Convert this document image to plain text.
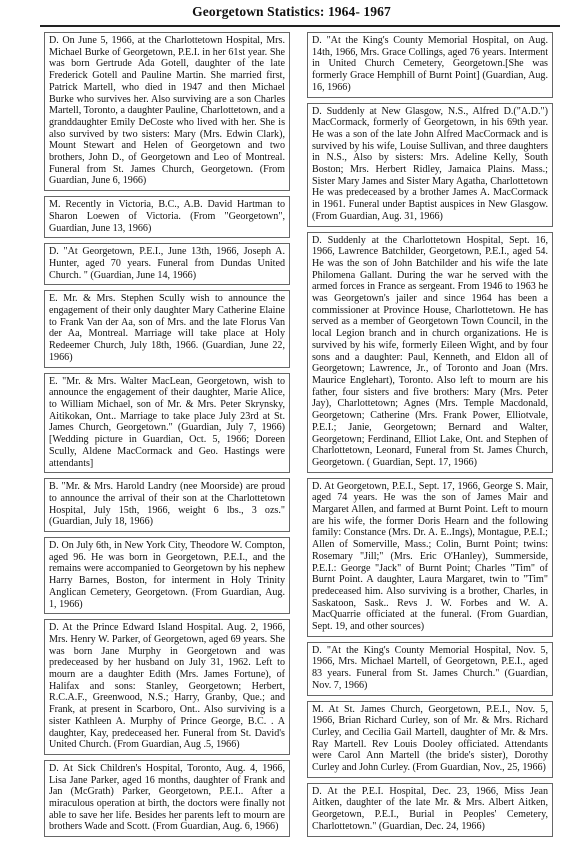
Georgetown Statistics: 1964- 1967

D. On June 5, 1966, at the Charlottetown Hospital, Mrs. Michael Burke of Georgetown, P.E.I. in her 61st year. She was born Gertrude Ada Gotell, daughter of the late Frederick Gotell and Pauline Martin. She married first, Patrick Martell, who died in 1947 and then Michael Burke who survives her. Also surviving are a son Charles Martell, Toronto, a daughter Pauline, Charlottetown, and a granddaughter Emily DeCoste who lived with her. She is also survived by two sisters: Mary (Mrs. Edwin Clark), Mount Stewart and Helen of Georgetown and two brothers, John D., of Georgetown and Leo of Montreal. Funeral from St. James Church, Georgetown. (From Guardian, June 6, 1966)

M. Recently in Victoria, B.C., A.B. David Hartman to Sharon Loewen of Victoria. (From "Georgetown", Guardian, June 13, 1966)

D. "At Georgetown, P.E.I., June 13th, 1966, Joseph A. Hunter, aged 70 years. Funeral from Dundas United Church. " (Guardian, June 14, 1966)

E. Mr. & Mrs. Stephen Scully wish to announce the engagement of their only daughter Mary Catherine Elaine to Frank Van der Aa, son of Mrs. and the late Florus Van der Aa, Montreal. Marriage will take place at Holy Redeemer Church, July 18th, 1966. (Guardian, June 22, 1966)

E. "Mr. & Mrs. Walter MacLean, Georgetown, wish to announce the engagement of their daughter, Marie Alice, to William Michael, son of Mr. & Mrs. Peter Skrynsky, Aitikokan, Ont.. Marriage to take place July 23rd at St. James Church, Georgetown." (Guardian, July 7, 1966) [Wedding picture in Guardian, Oct. 5, 1966; Doreen Scully, Aldene MacCormack and Geo. Hastings were attendants]

B. "Mr. & Mrs. Harold Landry (nee Moorside) are proud to announce the arrival of their son at the Charlottetown Hospital, July 15th, 1966, weight 6 lbs., 3 ozs." (Guardian, July 18, 1966)

D. On July 6th, in New York City, Theodore W. Compton, aged 96. He was born in Georgetown, P.E.I., and the remains were accompanied to Georgetown by his nephew Harry Barnes, Boston, for interment in Holy Trinity Anglican Cemetery, Georgetown. (From Guardian, Aug. 1, 1966)

D. At the Prince Edward Island Hospital. Aug. 2, 1966, Mrs. Henry W. Parker, of Georgetown, aged 69 years. She was born Jane Murphy in Georgetown and was predeceased by her husband on July 31, 1962. Left to mourn are a daughter Edith (Mrs. James Fortune), of Halifax and sons: Stanley, Georgetown; Herbert, R.C.A.F., Greenwood, N.S.; Harry, Granby, Que.; and Frank, at present in Scarboro, Ont.. Also surviving is a sister Kathleen A. Murphy of Prince George, B.C. . A daughter, Kay, predeceased her. Funeral from St. David's United Church. (From Guardian, Aug .5, 1966)

D. At Sick Children's Hospital, Toronto, Aug. 4, 1966, Lisa Jane Parker, aged 16 months, daughter of Frank and Jan (McGrath) Parker, Georgetown, P.E.I.. After a miraculous operation at birth, the doctors were finally not able to save her life. Besides her parents left to mourn are brothers Wade and Scott. (From Guardian, Aug. 6, 1966)

D. "At the King's County Memorial Hospital, on Aug. 14th, 1966, Mrs. Grace Collings, aged 76 years. Interment in United Church Cemetery, Georgetown.[She was formerly Grace Hemphill of Burnt Point] (Guardian, Aug. 16, 1966)

D. Suddenly at New Glasgow, N.S., Alfred D.("A.D.") MacCormack, formerly of Georgetown, in his 69th year. He was a son of the late John Alfred MacCormack and is survived by his wife, Louise Sullivan, and three daughters in N.S., Also by sisters: Mrs. Adeline Kelly, South Boston; Mrs. Herbert Ridley, Jamaica Plains. Mass.; Sister Mary James and Sister Mary Agatha, Charlottetown He was predeceased by a brother James A. MacCormack in 1961. Funeral under Baptist auspices in New Glasgow. (From Guardian, Aug. 31, 1966)

D. Suddenly at the Charlottetown Hospital, Sept. 16, 1966, Lawrence Batchilder, Georgetown, P.E.I., aged 54. He was the son of John Batchilder and his wife the late Philomena Gallant. During the war he served with the armed forces in France as sergeant. From 1946 to 1963 he was Georgetown's jailer and since 1964 has been a commissioner at Province House, Charlottetown. He has served as a member of Georgetown Town Council, in the local Legion branch and in church organizations. He is survived by his wife, formerly Eileen Wight, and by four sons and a daughter: Paul, Kenneth, and Eldon all of Georgetown; Lawrence, Jr., of Toronto and Joan (Mrs. Maurice Englehart), Toronto. Also left to mourn are his father, four sisters and five brothers: Mary (Mrs. Peter Jay), Charlottetown; Agnes (Mrs. Temple Macdonald, Georgetown; Catherine (Mrs. Frank Power, Elliotvale, P.E.I.; Janie, Georgetown; Bernard and Walter, Georgetown; Ferdinand, Elliot Lake, Ont. and Stephen of Charlottetown, Leonard, Funeral from St. James Church, Georgetown. ( Guardian, Sept. 17, 1966)

D. At Georgetown, P.E.I., Sept. 17, 1966, George S. Mair, aged 74 years. He was the son of James Mair and Margaret Allen, and farmed at Burnt Point. Left to mourn are his wife, the former Doris Hearn and the following family: Constance (Mrs. Dr. A. E..Ings), Montague, P.E.I.; Allen of Somerville, Mass.; Colin, Burnt Point; twins: Rosemary "Jill;" (Mrs. Eric O'Hanley), Summerside, P.E.I.: George "Jack" of Burnt Point; Charles "Tim" of Burnt Point. A daughter, Laura Margaret, twin to "Tim" predeceased him. Also surviving is a brother, Charles, in Saskatoon, Sask.. Revs J. W. Forbes and W. A. MacQuarrie officiated at the funeral. (From Guardian, Sept. 19, and other sources)

D. "At the King's County Memorial Hospital, Nov. 5, 1966, Mrs. Michael Martell, of Georgetown, P.E.I., aged 83 years. Funeral from St. James Church." (Guardian, Nov. 7, 1966)

M. At St. James Church, Georgetown, P.E.I., Nov. 5, 1966, Brian Richard Curley, son of Mr. & Mrs. Richard Curley, and Cecilia Gail Martell, daughter of Mr. & Mrs. Ray Martell. Rev Louis Dooley officiated. Attendants were Carol Ann Martell (the bride's sister), Dorothy Curley and John Curley. (From Guardian, Nov., 25, 1966)

D. At the P.E.I. Hospital, Dec. 23, 1966, Miss Jean Aitken, daughter of the late Mr. & Mrs. Albert Aitken, Georgetown, P.E.I., Burial in Peoples' Cemetery, Charlottetown." (Guardian, Dec. 24, 1966)
